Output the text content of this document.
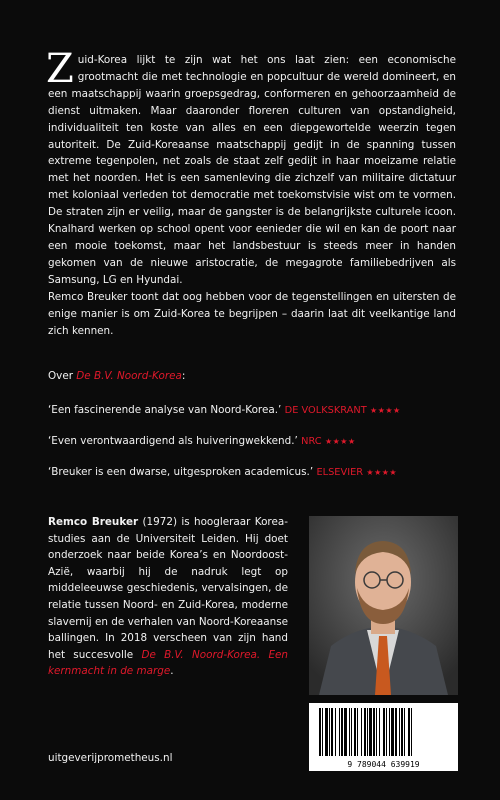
Zuid-Korea lijkt te zijn wat het ons laat zien: een economische grootmacht die met technologie en popcultuur de wereld domineert, en een maatschappij waarin groepsgedrag, conformeren en gehoorzaamheid de dienst uitmaken. Maar daaronder floreren culturen van opstandigheid, individualiteit ten koste van alles en een diepgewortelde weerzin tegen autoriteit. De Zuid-Koreaanse maatschappij gedijt in de spanning tussen extreme tegenpolen, net zoals de staat zelf gedijt in haar moeizame relatie met het noorden. Het is een samenleving die zichzelf van militaire dictatuur met koloniaal verleden tot democratie met toekomstvisie wist om te vormen. De straten zijn er veilig, maar de gangster is de belangrijkste culturele icoon. Knalhard werken op school opent voor eenieder die wil en kan de poort naar een mooie toekomst, maar het landsbestuur is steeds meer in handen gekomen van de nieuwe aristocratie, de megagrote familiebedrijven als Samsung, LG en Hyundai.

Remco Breuker toont dat oog hebben voor de tegenstellingen en uitersten de enige manier is om Zuid-Korea te begrijpen – daarin laat dit veelkantige land zich kennen.

Over De B.V. Noord-Korea:

‘Een fascinerende analyse van Noord-Korea.’ DE VOLKSKRANT ★★★★

‘Even verontwaardigend als huiveringwekkend.’ NRC ★★★★

‘Breuker is een dwarse, uitgesproken academicus.’ ELSEVIER ★★★★

Remco Breuker (1972) is hoogleraar Koreastudies aan de Universiteit Leiden. Hij doet onderzoek naar beide Korea’s en Noordoost-Azië, waarbij hij de nadruk legt op middeleeuwse geschiedenis, vervalsingen, de relatie tussen Noord- en Zuid-Korea, moderne slavernij en de verhalen van Noord-Koreaanse ballingen. In 2018 verscheen van zijn hand het succesvolle De B.V. Noord-Korea. Een kernmacht in de marge.

9 789044 639919

uitgeverijprometheus.nl
